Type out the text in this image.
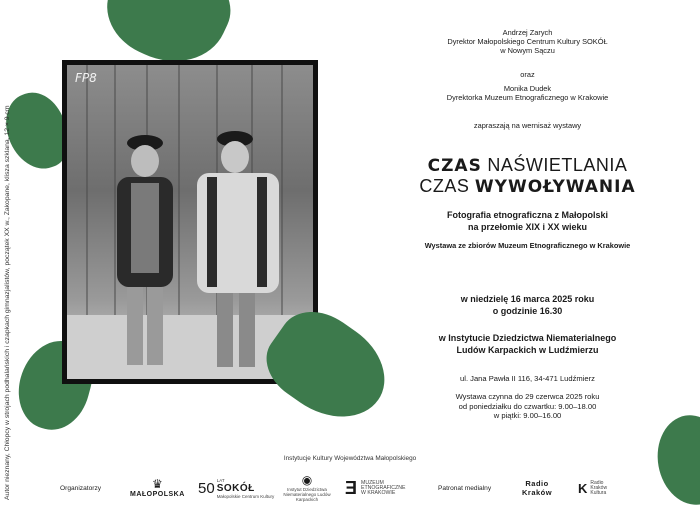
Autor nieznany, Chłopcy w strojach podhalańskich i czapkach gimnazjalistów, początek XX w., Zakopane, klisza szklana, 12 × 9 cm
FP8
Andrzej Zarych
Dyrektor Małopolskiego Centrum Kultury SOKÓŁ
w Nowym Sączu
oraz
Monika Dudek
Dyrektorka Muzeum Etnograficznego w Krakowie
zapraszają na wernisaż wystawy
CZAS NAŚWIETLANIA
CZAS WYWOŁYWANIA
Fotografia etnograficzna z Małopolski
na przełomie XIX i XX wieku
Wystawa ze zbiorów Muzeum Etnograficznego w Krakowie
w niedzielę 16 marca 2025 roku
o godzinie 16.30
w Instytucie Dziedzictwa Niematerialnego
Ludów Karpackich w Ludźmierzu
ul. Jana Pawła II 116, 34-471 Ludźmierz
Wystawa czynna do 29 czerwca 2025 roku
od poniedziałku do czwartku: 9.00–18.00
w piątki: 9.00–16.00
Instytucje Kultury Województwa Małopolskiego
Organizatorzy	♛
MAŁOPOLSKA 50 LAT
SOKÓŁ
Małopolskie Centrum Kultury
◉
Instytut Dziedzictwa Niematerialnego Ludów Karpackich
Ǝ MUZEUM
ETNOGRAFICZNE
W KRAKOWIE
Patronat medialny	Radio
Kraków K Radio
Kraków
Kultura
